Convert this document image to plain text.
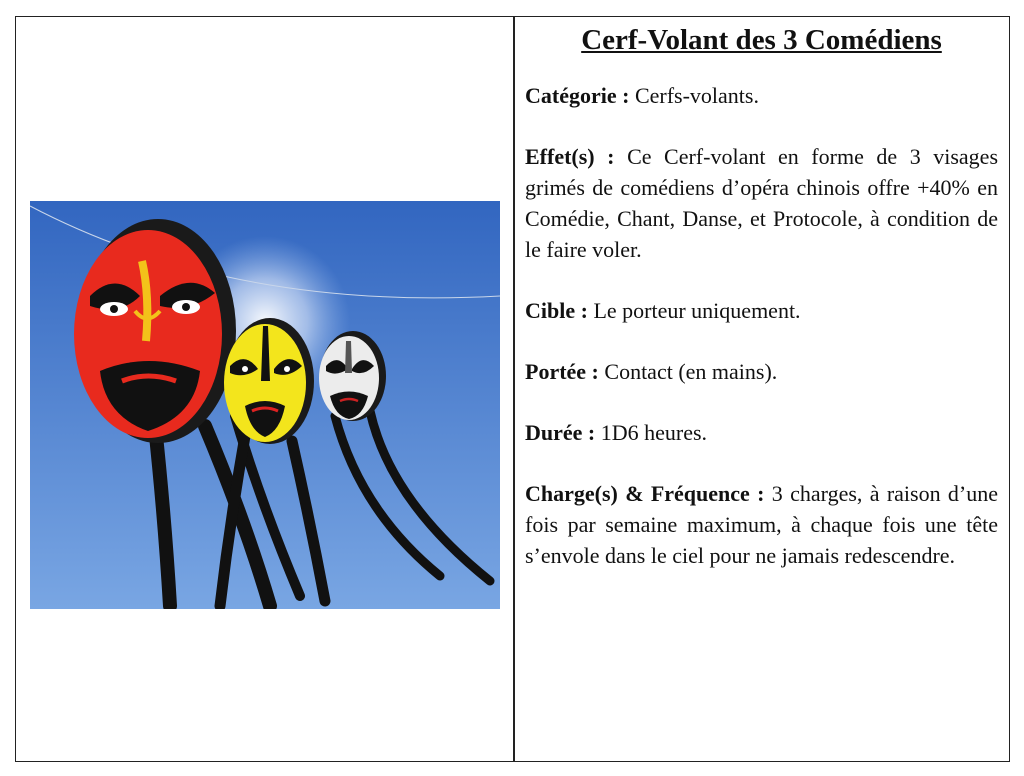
Cerf-Volant des 3 Comédiens

Catégorie : Cerfs-volants.

Effet(s) : Ce Cerf-volant en forme de 3 visages grimés de comédiens d’opéra chinois offre +40% en Comédie, Chant, Danse, et Protocole, à condition de le faire voler.

Cible : Le porteur uniquement.

Portée : Contact (en mains).

Durée : 1D6 heures.

Charge(s) & Fréquence : 3 charges, à raison d’une fois par semaine maximum, à chaque fois une tête s’envole dans le ciel pour ne jamais redescendre.
